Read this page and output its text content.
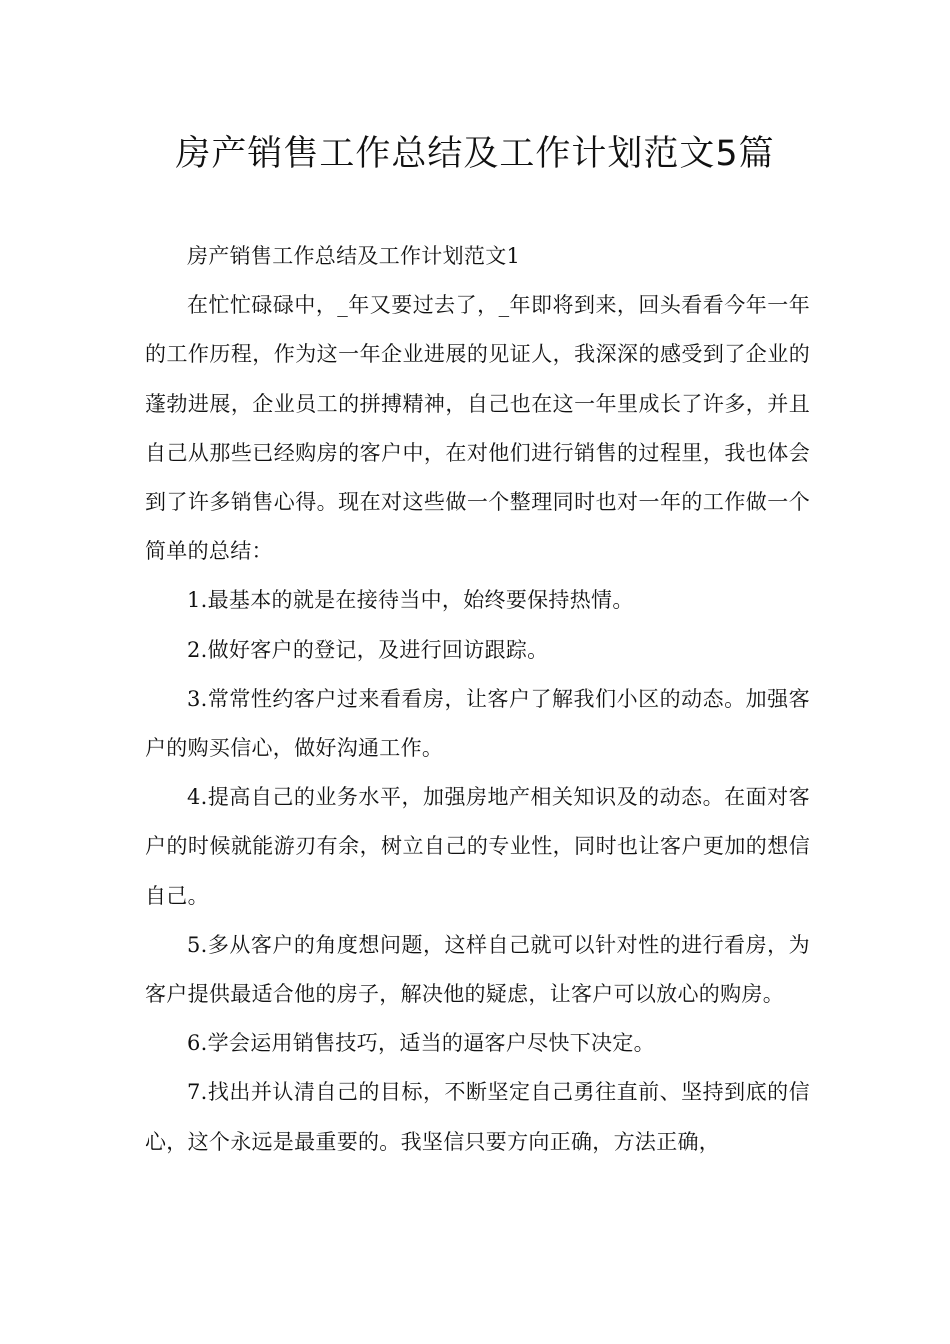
房产销售工作总结及工作计划范文5篇

房产销售工作总结及工作计划范文1

在忙忙碌碌中，_年又要过去了，_年即将到来，回头看看今年一年的工作历程，作为这一年企业进展的见证人，我深深的感受到了企业的蓬勃进展，企业员工的拼搏精神，自己也在这一年里成长了许多，并且自己从那些已经购房的客户中，在对他们进行销售的过程里，我也体会到了许多销售心得。现在对这些做一个整理同时也对一年的工作做一个简单的总结：

1.最基本的就是在接待当中，始终要保持热情。

2.做好客户的登记，及进行回访跟踪。

3.常常性约客户过来看看房，让客户了解我们小区的动态。加强客户的购买信心，做好沟通工作。

4.提高自己的业务水平，加强房地产相关知识及的动态。在面对客户的时候就能游刃有余，树立自己的专业性，同时也让客户更加的想信自己。

5.多从客户的角度想问题，这样自己就可以针对性的进行看房，为客户提供最适合他的房子，解决他的疑虑，让客户可以放心的购房。

6.学会运用销售技巧，适当的逼客户尽快下决定。

7.找出并认清自己的目标，不断坚定自己勇往直前、坚持到底的信心，这个永远是最重要的。我坚信只要方向正确，方法正确，
